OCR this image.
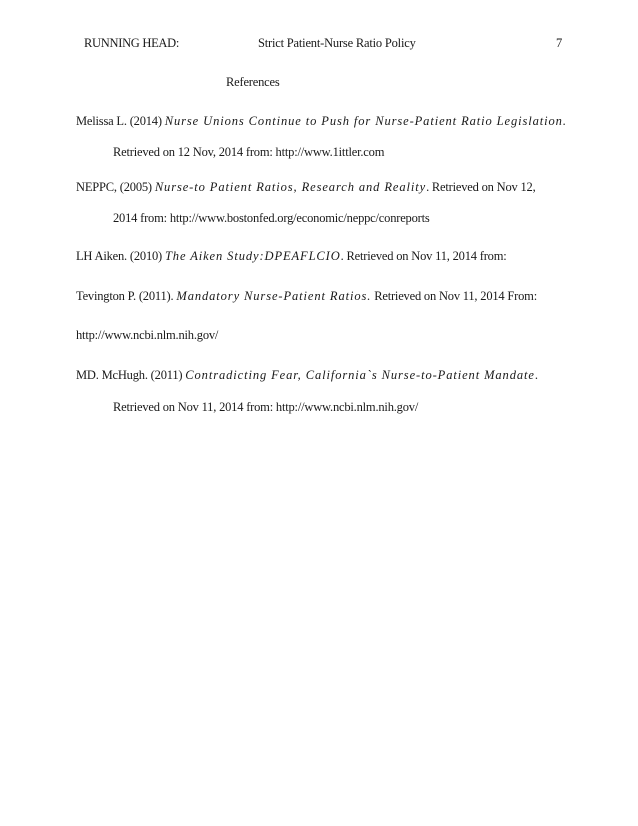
RUNNING HEAD:	Strict Patient-Nurse Ratio Policy	7
References
Melissa L. (2014) Nurse Unions Continue to Push for Nurse-Patient Ratio Legislation.
Retrieved on 12 Nov, 2014 from: http://www.1ittler.com
NEPPC, (2005) Nurse-to Patient Ratios, Research and Reality. Retrieved on Nov 12,
2014 from: http://www.bostonfed.org/economic/neppc/conreports
LH Aiken. (2010) The Aiken Study:DPEAFLCIO. Retrieved on Nov 11, 2014 from:
Tevington P. (2011). Mandatory Nurse-Patient Ratios. Retrieved on Nov 11, 2014 From:
http://www.ncbi.nlm.nih.gov/
MD. McHugh. (2011) Contradicting Fear, California`s Nurse-to-Patient Mandate.
Retrieved on Nov 11, 2014 from: http://www.ncbi.nlm.nih.gov/
